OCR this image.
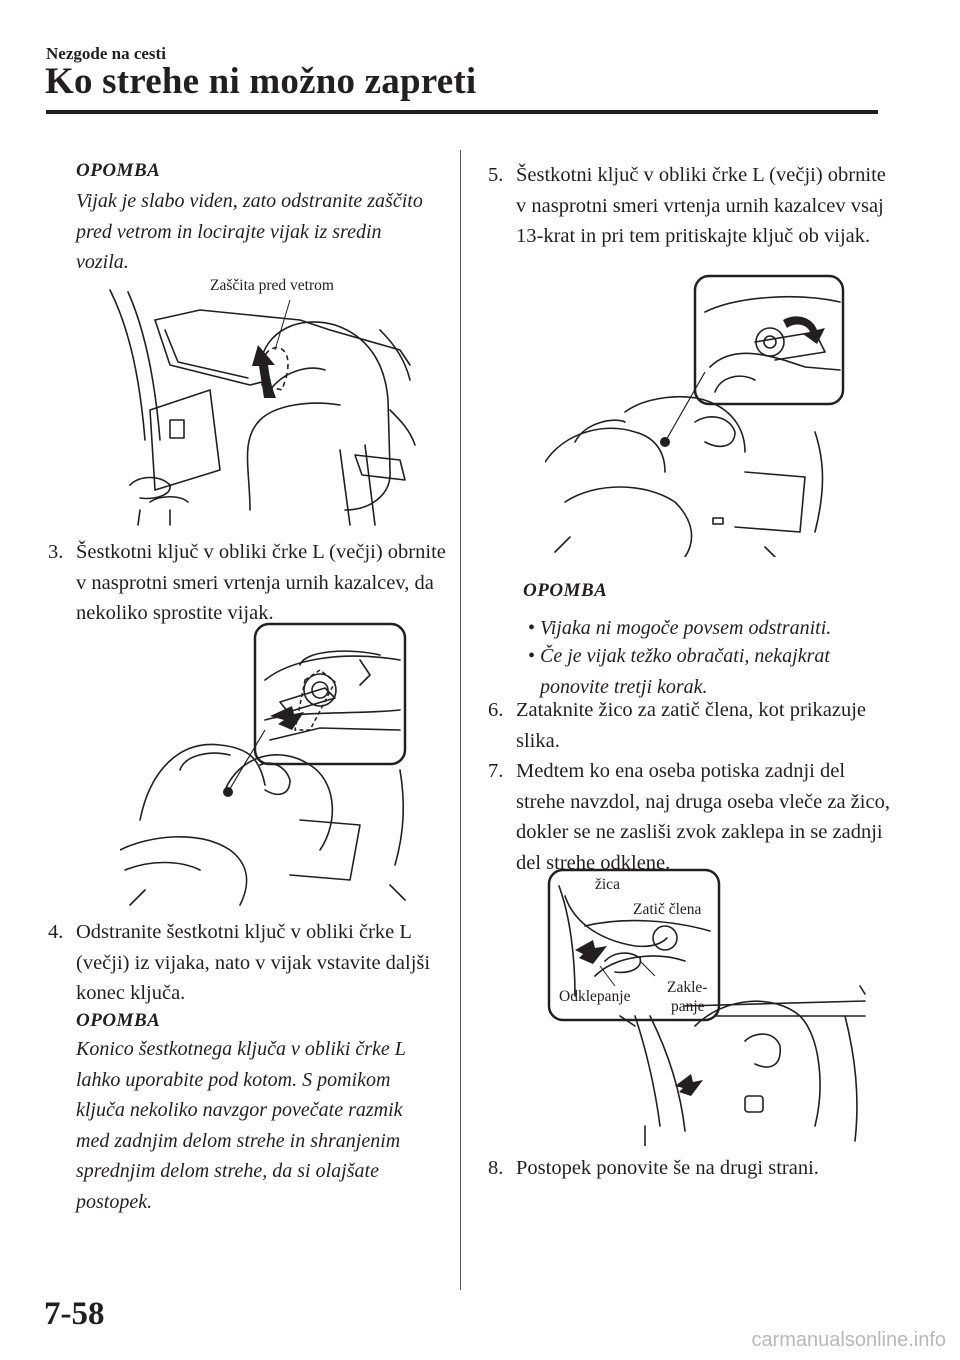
Nezgode na cesti
Ko strehe ni možno zapreti
OPOMBA
Vijak je slabo viden, zato odstranite zaščito pred vetrom in locirajte vijak iz sredin vozila.
Zaščita pred vetrom
3. Šestkotni ključ v obliki črke L (večji) obrnite v nasprotni smeri vrtenja urnih kazalcev, da nekoliko sprostite vijak.
4. Odstranite šestkotni ključ v obliki črke L (večji) iz vijaka, nato v vijak vstavite daljši konec ključa.
OPOMBA
Konico šestkotnega ključa v obliki črke L lahko uporabite pod kotom. S pomikom ključa nekoliko navzgor povečate razmik med zadnjim delom strehe in shranjenim sprednjim delom strehe, da si olajšate postopek.
5. Šestkotni ključ v obliki črke L (večji) obrnite v nasprotni smeri vrtenja urnih kazalcev vsaj 13-krat in pri tem pritiskajte ključ ob vijak.
OPOMBA
• Vijaka ni mogoče povsem odstraniti.
• Če je vijak težko obračati, nekajkrat ponovite tretji korak.
6. Zataknite žico za zatič člena, kot prikazuje slika.
7. Medtem ko ena oseba potiska zadnji del strehe navzdol, naj druga oseba vleče za žico, dokler se ne zasliši zvok zaklepa in se zadnji del strehe odklene.
žica
Zatič člena
Odklepanje
Zakle-
panje
8. Postopek ponovite še na drugi strani.
7-58
carmanualsonline.info
